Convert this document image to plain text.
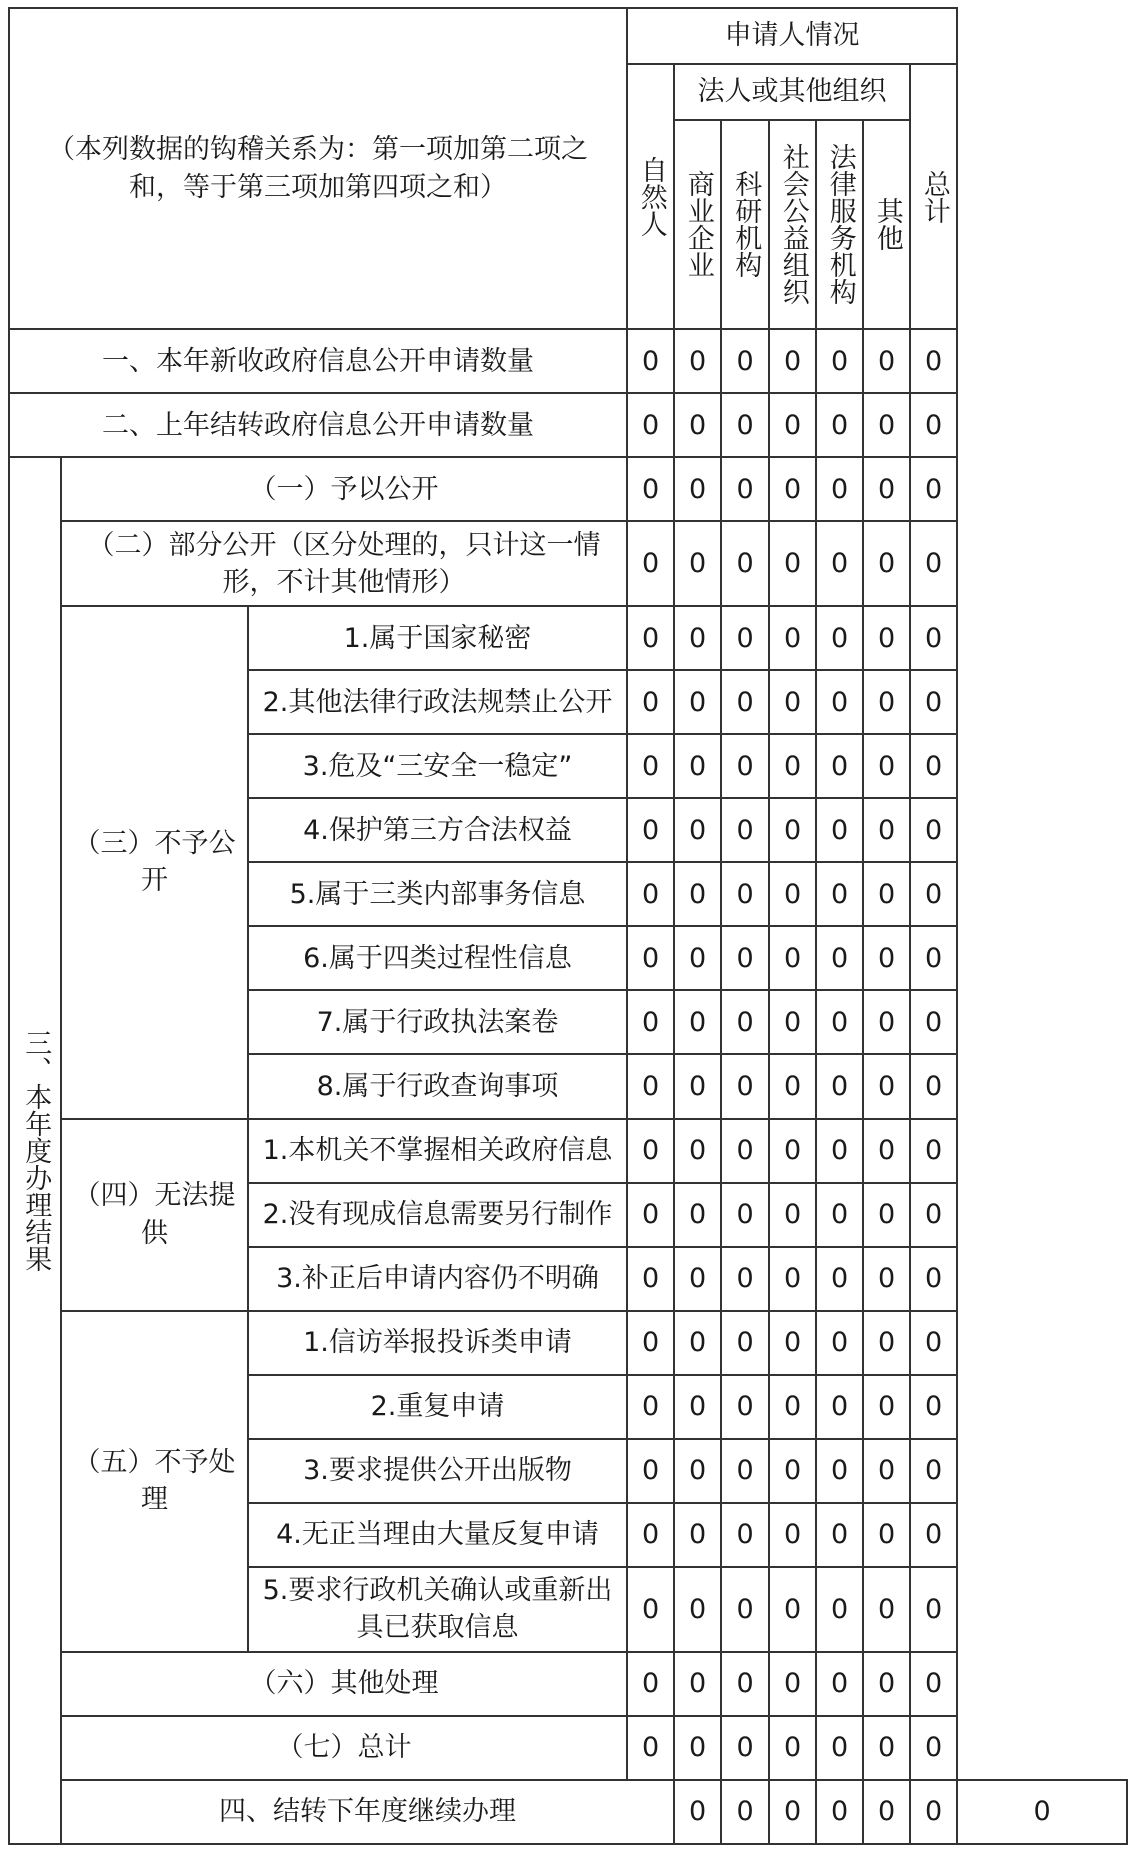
（本列数据的钩稽关系为：第一项加第二项之和，等于第三项加第四项之和）			申请人情况							

			自然人	法人或其他组织					总计	

				商业企业	科研机构	社会公益组织	法律服务机构	其他		

一、本年新收政府信息公开申请数量			0	0	0	0	0	0	0	
二、上年结转政府信息公开申请数量			0	0	0	0	0	0	0	

三、本年度办理结果	（一）予以公开		0	0	0	0	0	0	0	
	（二）部分公开（区分处理的，只计这一情形，不计其他情形）		0	0	0	0	0	0	0	
	（三）不予公开	1.属于国家秘密	0	0	0	0	0	0	0	
		2.其他法律行政法规禁止公开	0	0	0	0	0	0	0	
		3.危及“三安全一稳定”	0	0	0	0	0	0	0	
		4.保护第三方合法权益	0	0	0	0	0	0	0	
		5.属于三类内部事务信息	0	0	0	0	0	0	0	
		6.属于四类过程性信息	0	0	0	0	0	0	0	
		7.属于行政执法案卷	0	0	0	0	0	0	0	
		8.属于行政查询事项	0	0	0	0	0	0	0	
	（四）无法提供	1.本机关不掌握相关政府信息	0	0	0	0	0	0	0	
		2.没有现成信息需要另行制作	0	0	0	0	0	0	0	
		3.补正后申请内容仍不明确	0	0	0	0	0	0	0	
	（五）不予处理	1.信访举报投诉类申请	0	0	0	0	0	0	0	
		2.重复申请	0	0	0	0	0	0	0	
		3.要求提供公开出版物	0	0	0	0	0	0	0	
		4.无正当理由大量反复申请	0	0	0	0	0	0	0	
		5.要求行政机关确认或重新出具已获取信息	0	0	0	0	0	0	0	
	（六）其他处理		0	0	0	0	0	0	0	
	（七）总计		0	0	0	0	0	0	0	
	四、结转下年度继续办理			0	0	0	0	0	0	0
